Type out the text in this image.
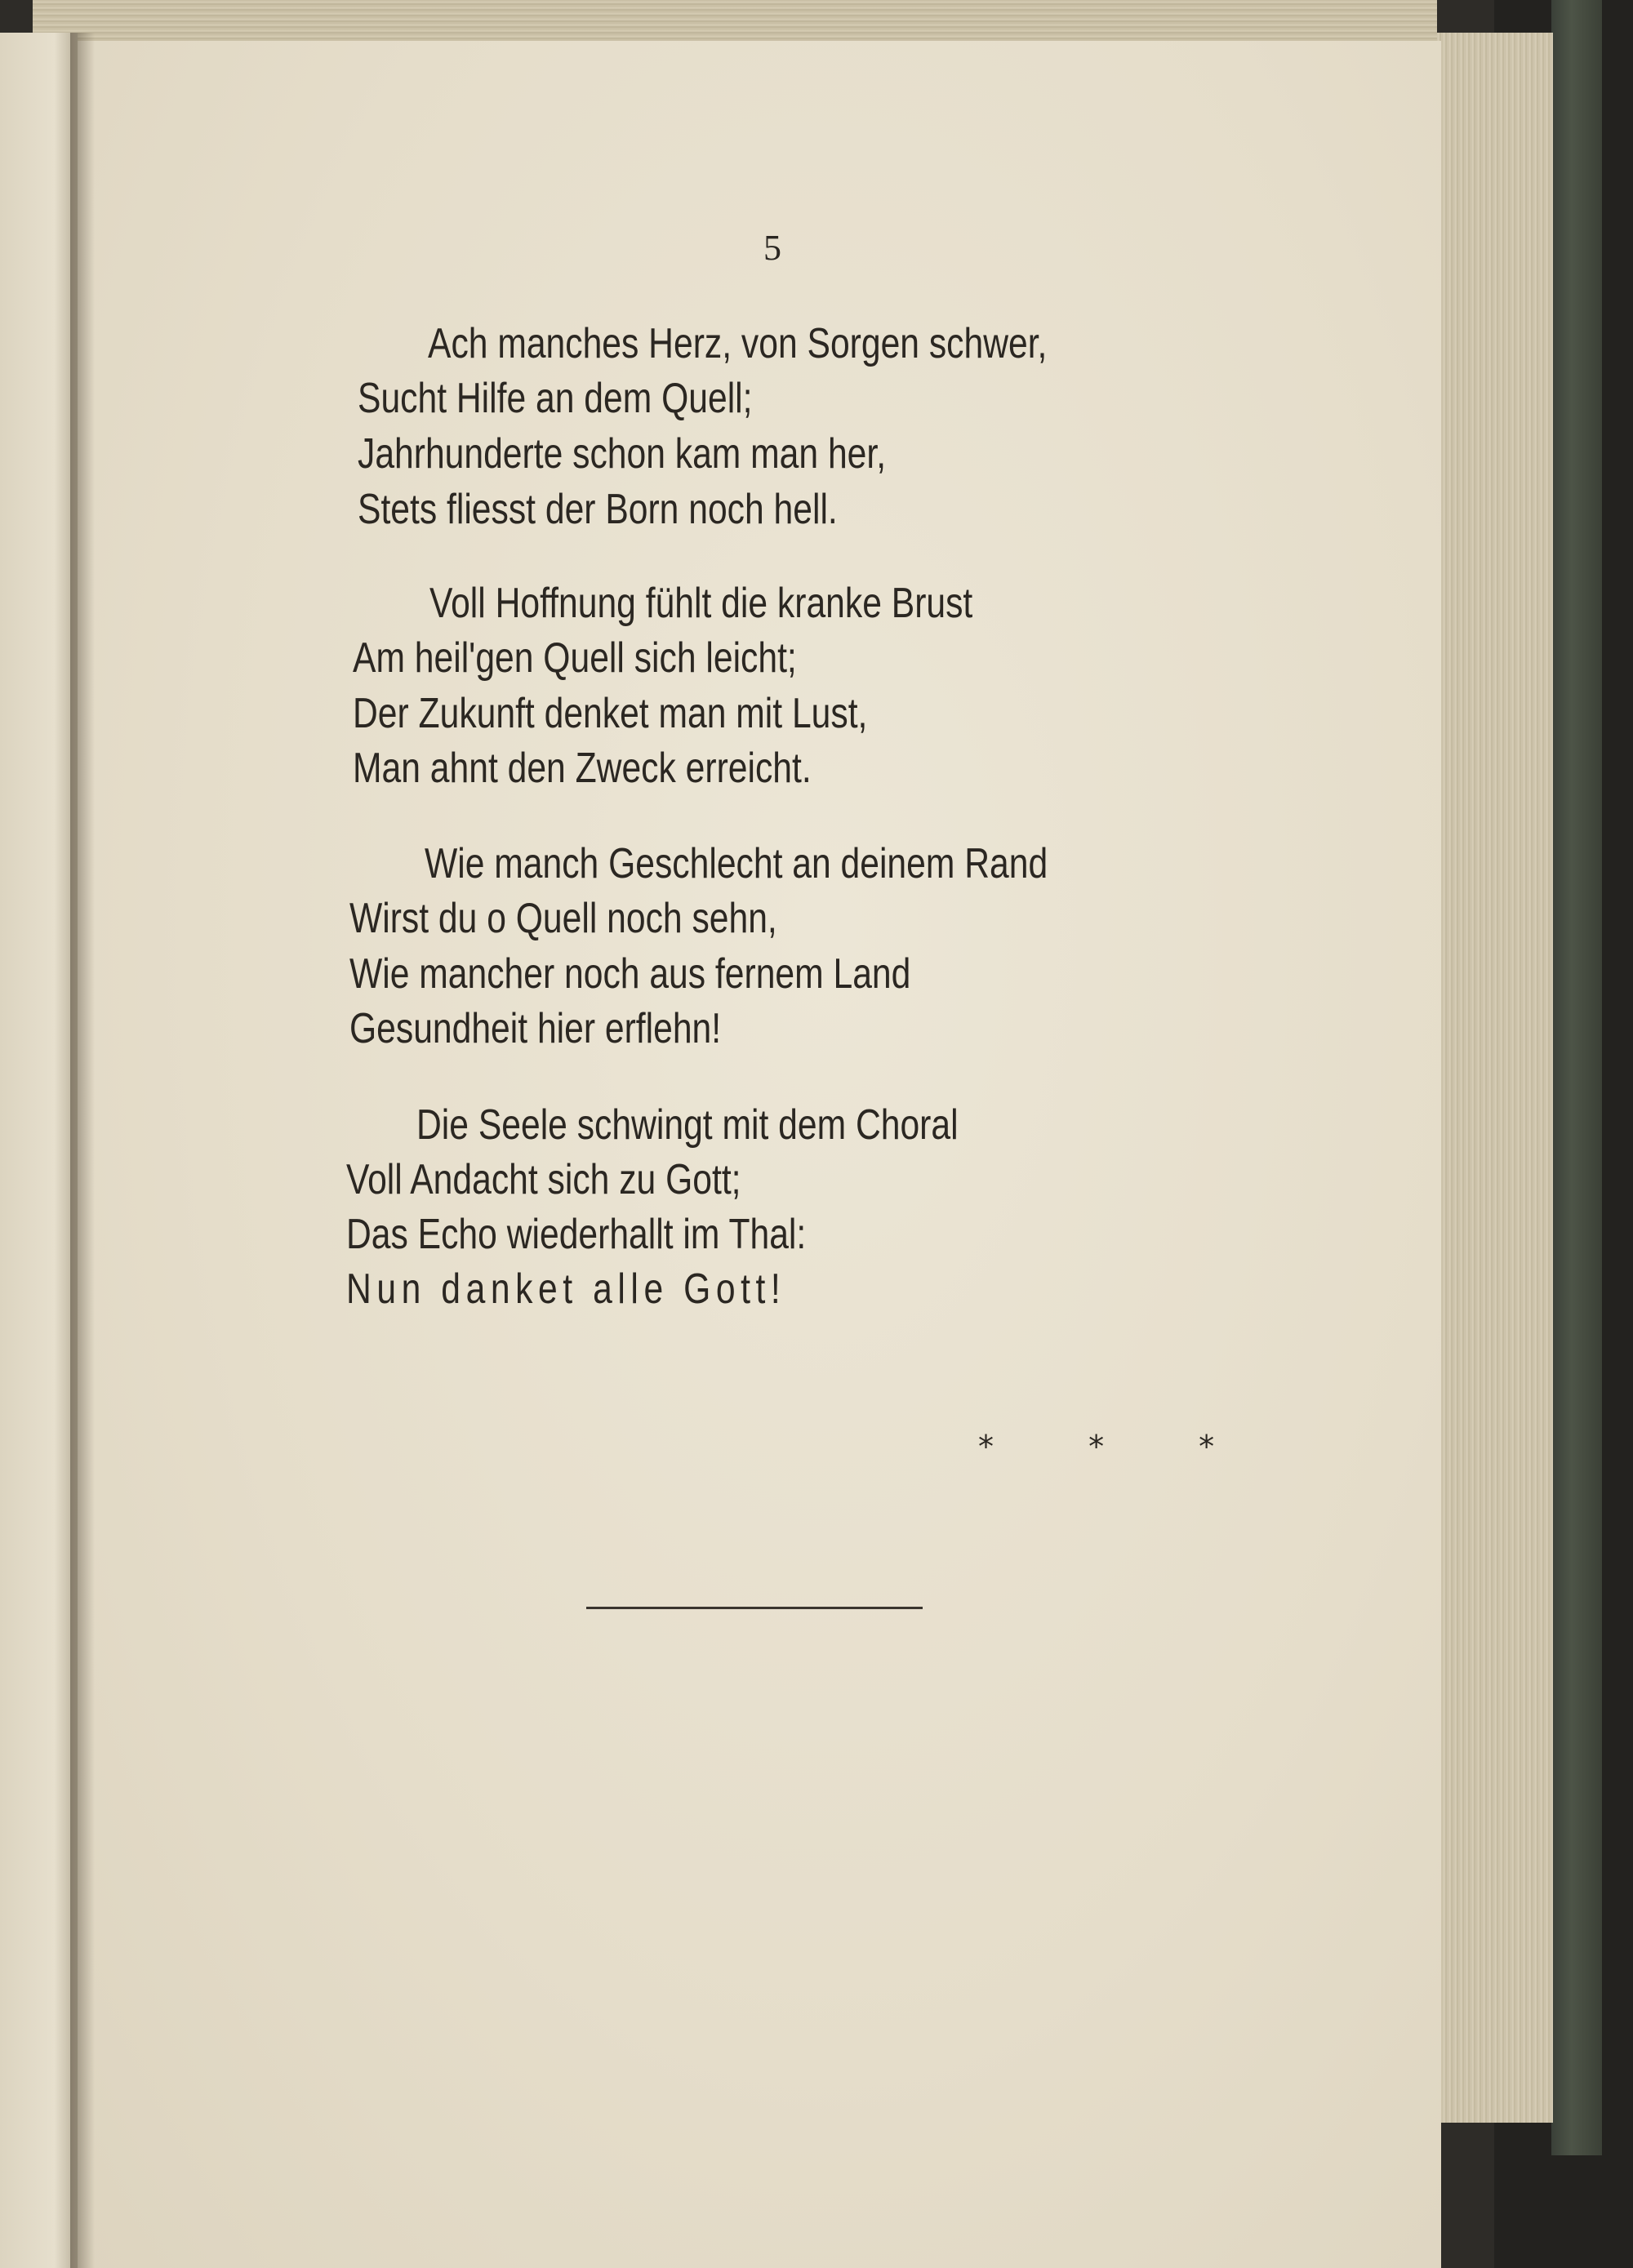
5
Ach manches Herz, von Sorgen schwer,
Sucht Hilfe an dem Quell;
Jahrhunderte schon kam man her,
Stets fliesst der Born noch hell.
Voll Hoffnung fühlt die kranke Brust
Am heil'gen Quell sich leicht;
Der Zukunft denket man mit Lust,
Man ahnt den Zweck erreicht.
Wie manch Geschlecht an deinem Rand
Wirst du o Quell noch sehn,
Wie mancher noch aus fernem Land
Gesundheit hier erflehn!
Die Seele schwingt mit dem Choral
Voll Andacht sich zu Gott;
Das Echo wiederhallt im Thal:
Nun danket alle Gott!
* * *
